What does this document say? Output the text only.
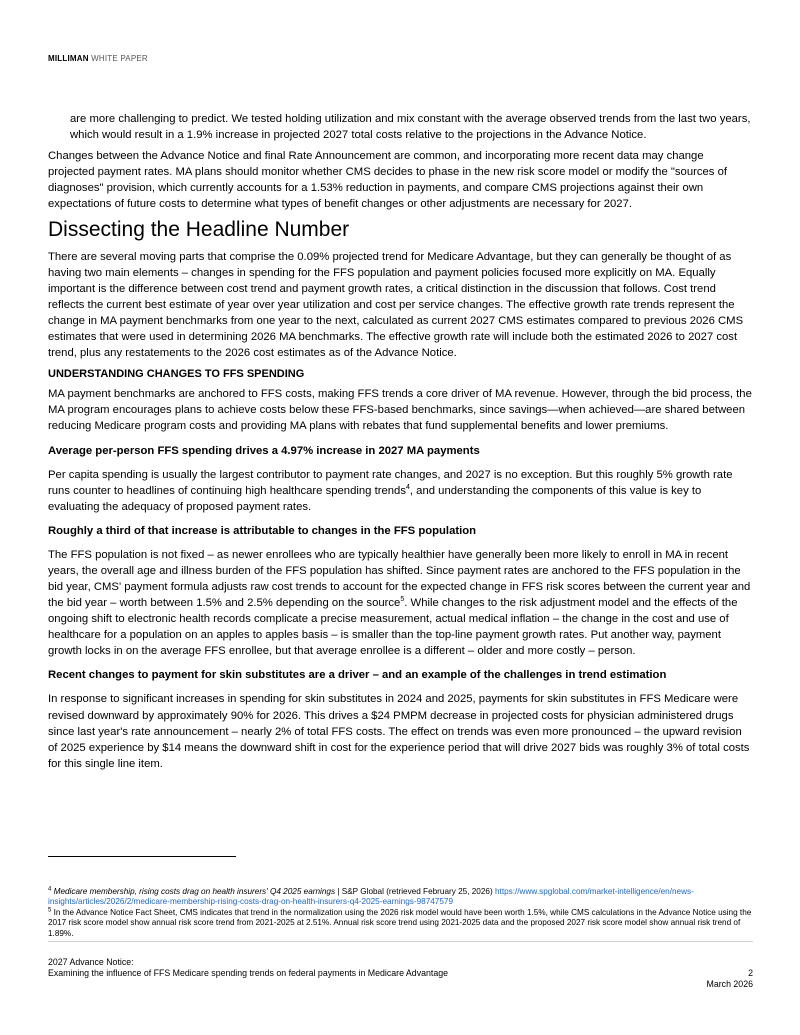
MILLIMAN WHITE PAPER

are more challenging to predict. We tested holding utilization and mix constant with the average observed trends from the last two years, which would result in a 1.9% increase in projected 2027 total costs relative to the projections in the Advance Notice.

Changes between the Advance Notice and final Rate Announcement are common, and incorporating more recent data may change projected payment rates. MA plans should monitor whether CMS decides to phase in the new risk score model or modify the "sources of diagnoses" provision, which currently accounts for a 1.53% reduction in payments, and compare CMS projections against their own expectations of future costs to determine what types of benefit changes or other adjustments are necessary for 2027.

Dissecting the Headline Number

There are several moving parts that comprise the 0.09% projected trend for Medicare Advantage, but they can generally be thought of as having two main elements – changes in spending for the FFS population and payment policies focused more explicitly on MA. Equally important is the difference between cost trend and payment growth rates, a critical distinction in the discussion that follows. Cost trend reflects the current best estimate of year over year utilization and cost per service changes. The effective growth rate trends represent the change in MA payment benchmarks from one year to the next, calculated as current 2027 CMS estimates compared to previous 2026 CMS estimates that were used in determining 2026 MA benchmarks. The effective growth rate will include both the estimated 2026 to 2027 cost trend, plus any restatements to the 2026 cost estimates as of the Advance Notice.

UNDERSTANDING CHANGES TO FFS SPENDING

MA payment benchmarks are anchored to FFS costs, making FFS trends a core driver of MA revenue. However, through the bid process, the MA program encourages plans to achieve costs below these FFS-based benchmarks, since savings—when achieved—are shared between reducing Medicare program costs and providing MA plans with rebates that fund supplemental benefits and lower premiums.

Average per-person FFS spending drives a 4.97% increase in 2027 MA payments

Per capita spending is usually the largest contributor to payment rate changes, and 2027 is no exception. But this roughly 5% growth rate runs counter to headlines of continuing high healthcare spending trends$^4$, and understanding the components of this value is key to evaluating the adequacy of proposed payment rates.

Roughly a third of that increase is attributable to changes in the FFS population

The FFS population is not fixed – as newer enrollees who are typically healthier have generally been more likely to enroll in MA in recent years, the overall age and illness burden of the FFS population has shifted. Since payment rates are anchored to the FFS population in the bid year, CMS' payment formula adjusts raw cost trends to account for the expected change in FFS risk scores between the current year and the bid year – worth between 1.5% and 2.5% depending on the source$^5$. While changes to the risk adjustment model and the effects of the ongoing shift to electronic health records complicate a precise measurement, actual medical inflation – the change in the cost and use of healthcare for a population on an apples to apples basis – is smaller than the top-line payment growth rates. Put another way, payment growth locks in on the average FFS enrollee, but that average enrollee is a different – older and more costly – person.

Recent changes to payment for skin substitutes are a driver – and an example of the challenges in trend estimation

In response to significant increases in spending for skin substitutes in 2024 and 2025, payments for skin substitutes in FFS Medicare were revised downward by approximately 90% for 2026. This drives a $24 PMPM decrease in projected costs for physician administered drugs since last year's rate announcement – nearly 2% of total FFS costs. The effect on trends was even more pronounced – the upward revision of 2025 experience by $14 means the downward shift in cost for the experience period that will drive 2027 bids was roughly 3% of total costs for this single line item.

$^4$ Medicare membership, rising costs drag on health insurers' Q4 2025 earnings | S&P Global (retrieved February 25, 2026) https://www.spglobal.com/market-intelligence/en/news-insights/articles/2026/2/medicare-membership-rising-costs-drag-on-health-insurers-q4-2025-earnings-98747579
$^5$ In the Advance Notice Fact Sheet, CMS indicates that trend in the normalization using the 2026 risk model would have been worth 1.5%, while CMS calculations in the Advance Notice using the 2017 risk score model show annual risk score trend from 2021-2025 at 2.51%. Annual risk score trend using 2021-2025 data and the proposed 2027 risk score model show annual risk trend of 1.89%.
2027 Advance Notice:
Examining the influence of FFS Medicare spending trends on federal payments in Medicare Advantage	2
March 2026
